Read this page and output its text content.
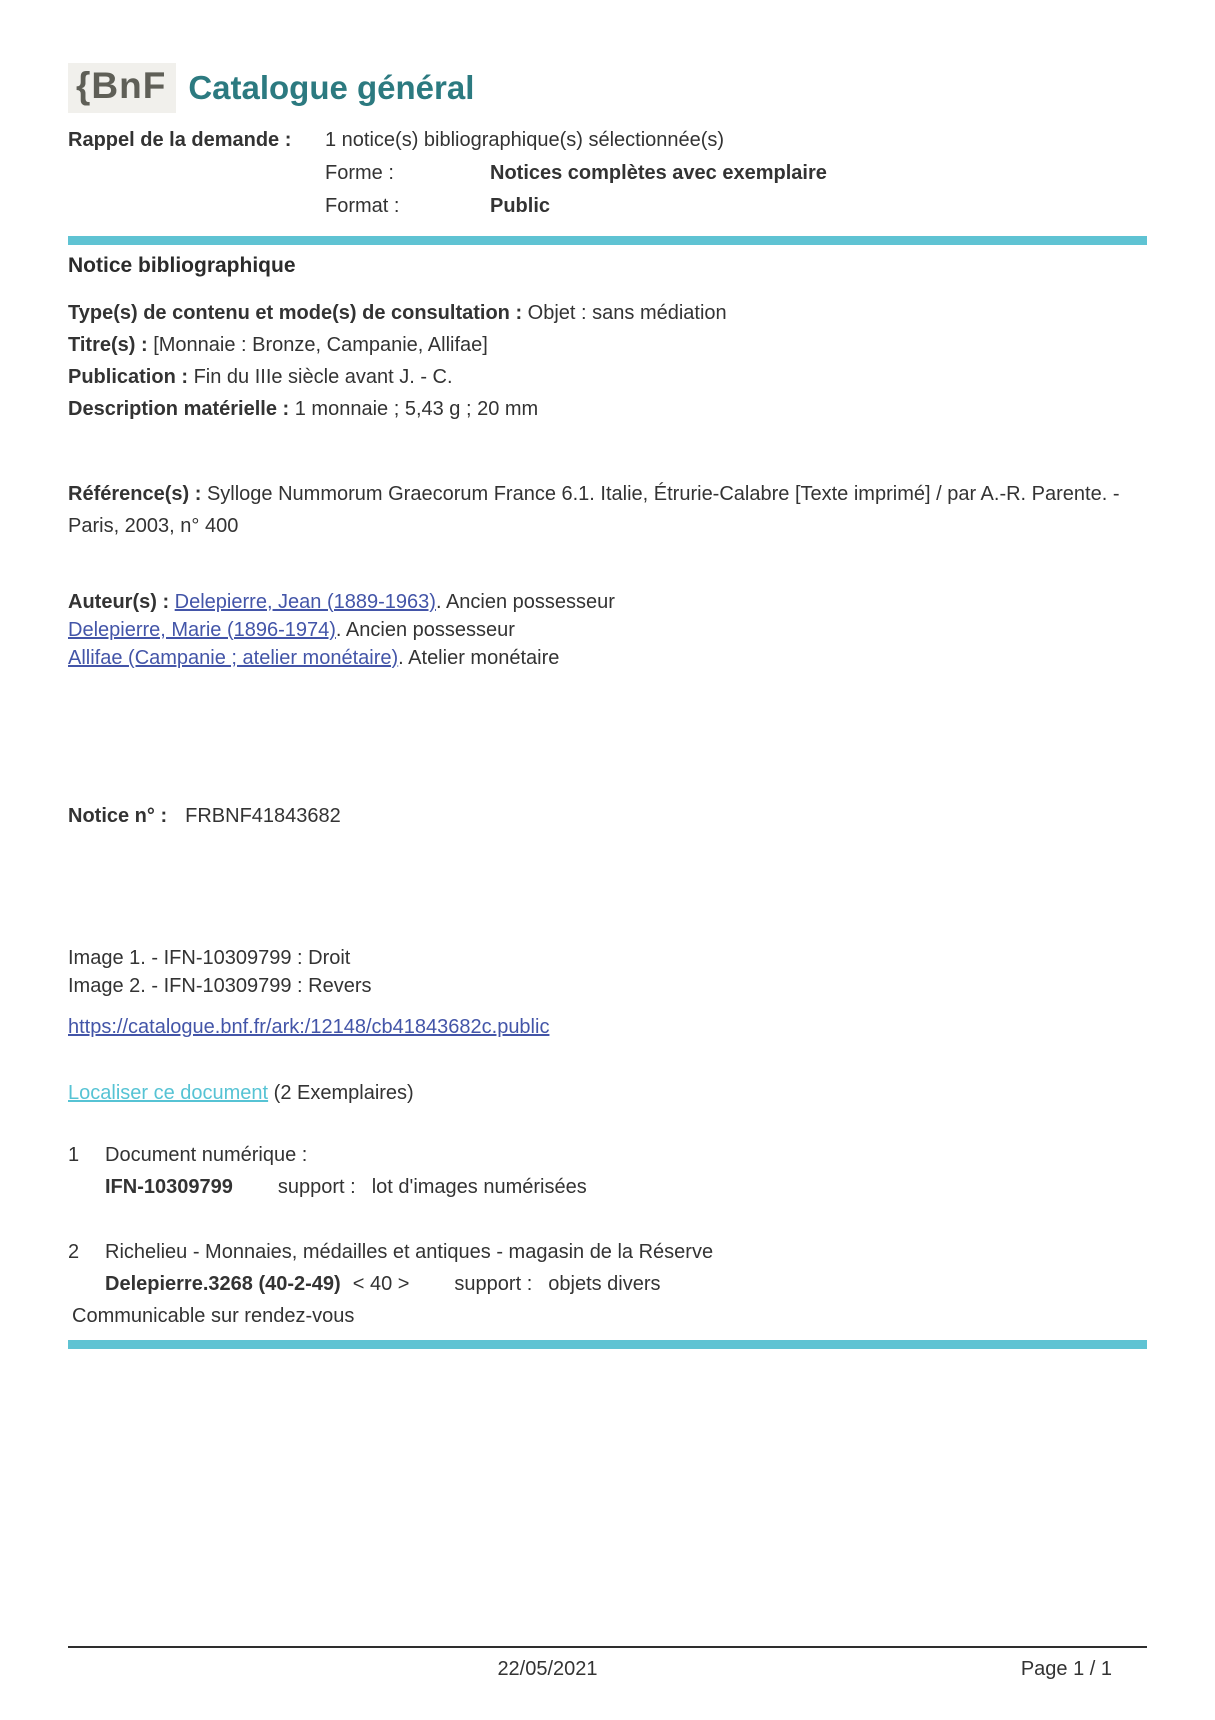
{BnF Catalogue général
Rappel de la demande :	1 notice(s) bibliographique(s) sélectionnée(s)
Forme :	Notices complètes avec exemplaire
Format :	Public
Notice bibliographique

Type(s) de contenu et mode(s) de consultation : Objet : sans médiation

Titre(s) : [Monnaie : Bronze, Campanie, Allifae]

Publication : Fin du IIIe siècle avant J. - C.

Description matérielle : 1 monnaie ; 5,43 g ; 20 mm

Référence(s) : Sylloge Nummorum Graecorum France 6.1. Italie, Étrurie-Calabre [Texte imprimé] / par A.-R. Parente. - Paris, 2003, n° 400

Auteur(s) : Delepierre, Jean (1889-1963). Ancien possesseur

Delepierre, Marie (1896-1974). Ancien possesseur

Allifae (Campanie ; atelier monétaire). Atelier monétaire

Notice n° : FRBNF41843682

Image 1. - IFN-10309799 : Droit

Image 2. - IFN-10309799 : Revers

https://catalogue.bnf.fr/ark:/12148/cb41843682c.public

Localiser ce document (2 Exemplaires)

1	Document numérique :
IFN-10309799 support : lot d'images numérisées
2	Richelieu - Monnaies, médailles et antiques - magasin de la Réserve
Delepierre.3268 (40-2-49) < 40 > support : objets divers
Communicable sur rendez-vous
22/05/2021	Page 1 / 1
